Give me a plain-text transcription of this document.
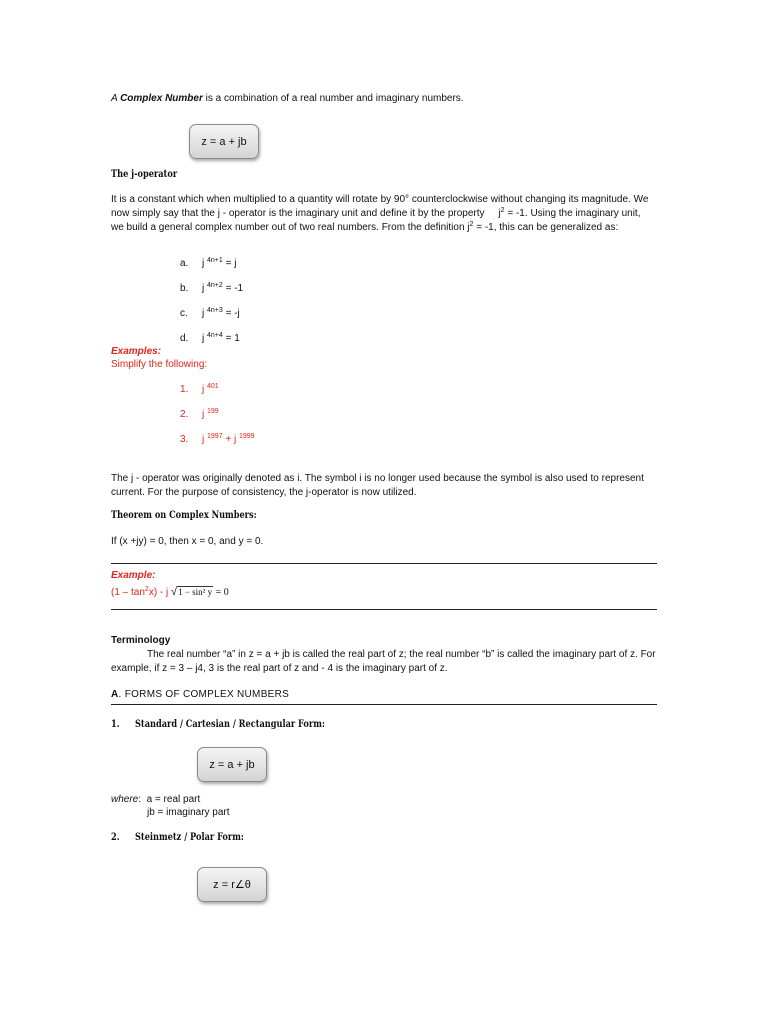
A Complex Number is a combination of a real number and imaginary numbers.
z = a + jb
The j-operator
It is a constant which when multiplied to a quantity will rotate by 90° counterclockwise without changing its magnitude. We now simply say that the j - operator is the imaginary unit and define it by the property $j^2 = -1$. Using the imaginary unit, we build a general complex number out of two real numbers. From the definition $j^2 = -1$, this can be generalized as:
a. j $^{4n+1}$ = j
b. j $^{4n+2}$ = -1
c. j $^{4n+3}$ = -j
d. j $^{4n+4}$ = 1
Examples:
Simplify the following:
1. j $^{401}$
2. j $^{199}$
3. j $^{1997}$ + j $^{1999}$
The j - operator was originally denoted as i. The symbol i is no longer used because the symbol is also used to represent current. For the purpose of consistency, the j-operator is now utilized.
Theorem on Complex Numbers:
If (x +jy) = 0, then x = 0, and y = 0.
Example:
$(1 - \tan^2x)$ - j √1 − sin² y = 0
Terminology
The real number “a” in z = a + jb is called the real part of z; the real number “b” is called the imaginary part of z. For example, if z = 3 – j4, 3 is the real part of z and - 4 is the imaginary part of z.
A. FORMS OF COMPLEX NUMBERS
1. Standard / Cartesian / Rectangular Form:
z = a + jb
where: a = real part
jb = imaginary part
2. Steinmetz / Polar Form:
z = r∠θ
